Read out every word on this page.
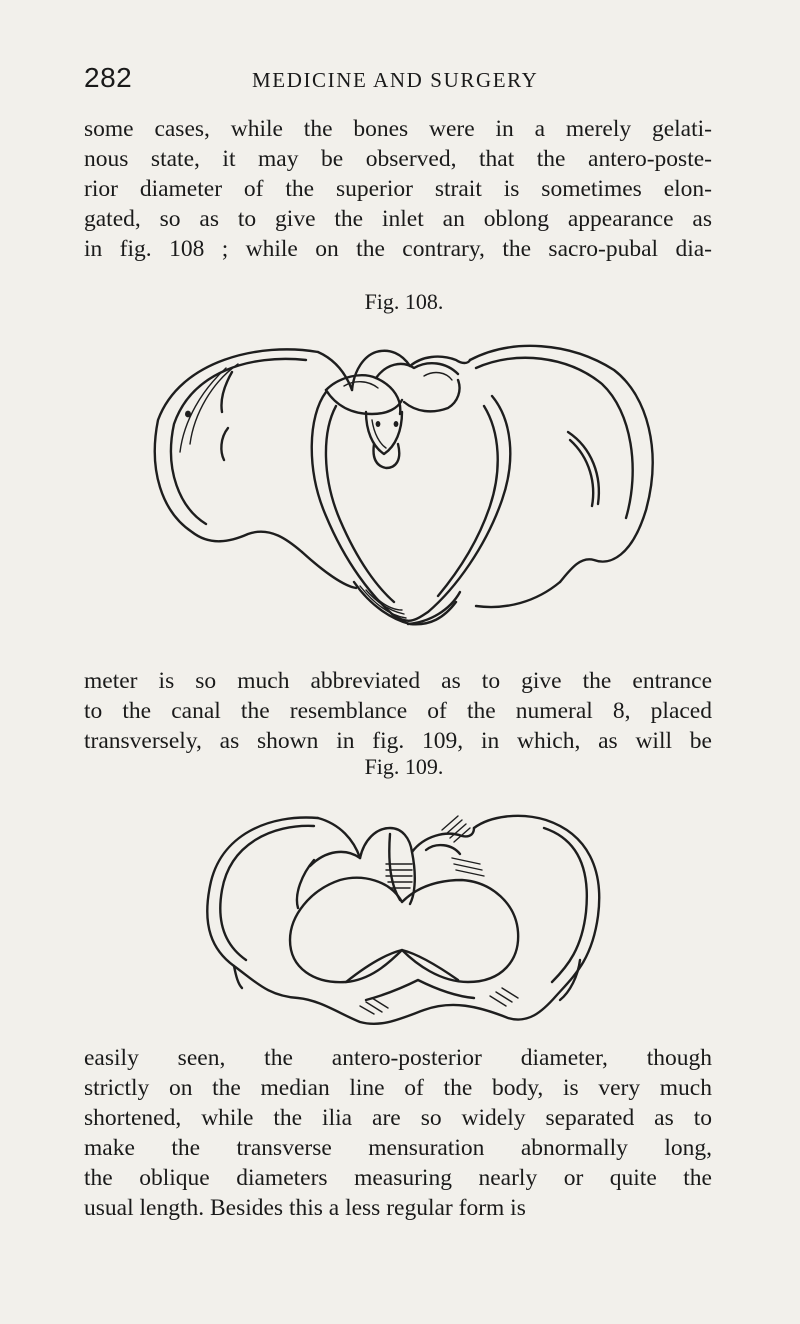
282	MEDICINE AND SURGERY

some cases, while the bones were in a merely gelati-
nous state, it may be observed, that the antero-poste-
rior diameter of the superior strait is sometimes elon-
gated, so as to give the inlet an oblong appearance as
in fig. 108 ; while on the contrary, the sacro-pubal dia-

Fig. 108.

meter is so much abbreviated as to give the entrance
to the canal the resemblance of the numeral 8, placed
transversely, as shown in fig. 109, in which, as will be

Fig. 109.

easily seen, the antero-posterior diameter, though
strictly on the median line of the body, is very much
shortened, while the ilia are so widely separated as to
make the transverse mensuration abnormally long,
the oblique diameters measuring nearly or quite the
usual length. Besides this a less regular form is
